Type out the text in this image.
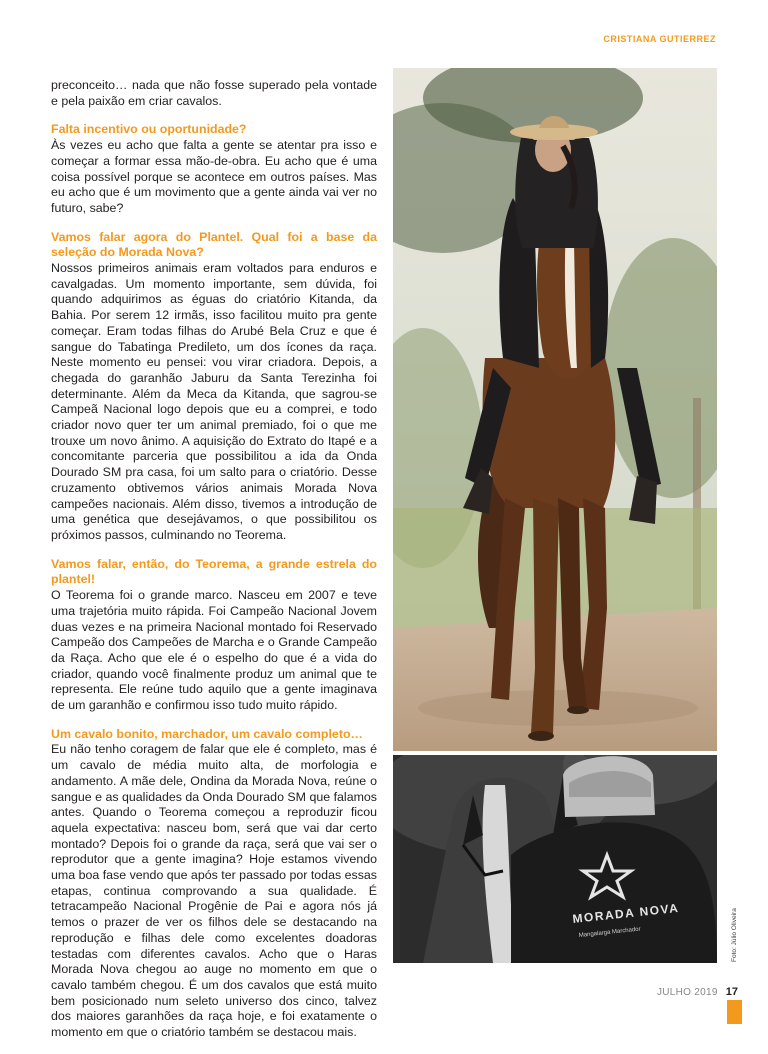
CRISTIANA GUTIERREZ

preconceito… nada que não fosse superado pela vontade e pela paixão em criar cavalos.

Falta incentivo ou oportunidade?
Às vezes eu acho que falta a gente se atentar pra isso e começar a formar essa mão-de-obra. Eu acho que é uma coisa possível porque se acontece em outros países. Mas eu acho que é um movimento que a gente ainda vai ver no futuro, sabe?

Vamos falar agora do Plantel. Qual foi a base da seleção do Morada Nova?
Nossos primeiros animais eram voltados para enduros e cavalgadas. Um momento importante, sem dúvida, foi quando adquirimos as éguas do criatório Kitanda, da Bahia. Por serem 12 irmãs, isso facilitou muito pra gente começar. Eram todas filhas do Arubé Bela Cruz e que é sangue do Tabatinga Predileto, um dos ícones da raça. Neste momento eu pensei: vou virar criadora. Depois, a chegada do garanhão Jaburu da Santa Terezinha foi determinante. Além da Meca da Kitanda, que sagrou-se Campeã Nacional logo depois que eu a comprei, e todo criador novo quer ter um animal premiado, foi o que me trouxe um novo ânimo. A aquisição do Extrato do Itapé e a concomitante parceria que possibilitou a ida da Onda Dourado SM pra casa, foi um salto para o criatório. Desse cruzamento obtivemos vários animais Morada Nova campeões nacionais. Além disso, tivemos a introdução de uma genética que desejávamos, o que possibilitou os próximos passos, culminando no Teorema.

Vamos falar, então, do Teorema, a grande estrela do plantel!
O Teorema foi o grande marco. Nasceu em 2007 e teve uma trajetória muito rápida. Foi Campeão Nacional Jovem duas vezes e na primeira Nacional montado foi Reservado Campeão dos Campeões de Marcha e o Grande Campeão da Raça. Acho que ele é o espelho do que é a vida do criador, quando você finalmente produz um animal que te representa. Ele reúne tudo aquilo que a gente imaginava de um garanhão e confirmou isso tudo muito rápido.

Um cavalo bonito, marchador, um cavalo completo…
Eu não tenho coragem de falar que ele é completo, mas é um cavalo de média muito alta, de morfologia e andamento. A mãe dele, Ondina da Morada Nova, reúne o sangue e as qualidades da Onda Dourado SM que falamos antes. Quando o Teorema começou a reproduzir ficou aquela expectativa: nasceu bom, será que vai dar certo montado? Depois foi o grande da raça, será que vai ser o reprodutor que a gente imagina? Hoje estamos vivendo uma boa fase vendo que após ter passado por todas essas etapas, continua comprovando a sua qualidade. É tetracampeão Nacional Progênie de Pai e agora nós já temos o prazer de ver os filhos dele se destacando na reprodução e filhas dele como excelentes doadoras testadas com diferentes cavalos. Acho que o Haras Morada Nova chegou ao auge no momento em que o cavalo também chegou. É um dos cavalos que está muito bem posicionado num seleto universo dos cinco, talvez dos maiores garanhões da raça hoje, e foi exatamente o momento em que o criatório também se destacou mais.

MORADA NOVA
Mangalarga Marchador	Foto: Júlio Oliveira
JULHO 2019 17
